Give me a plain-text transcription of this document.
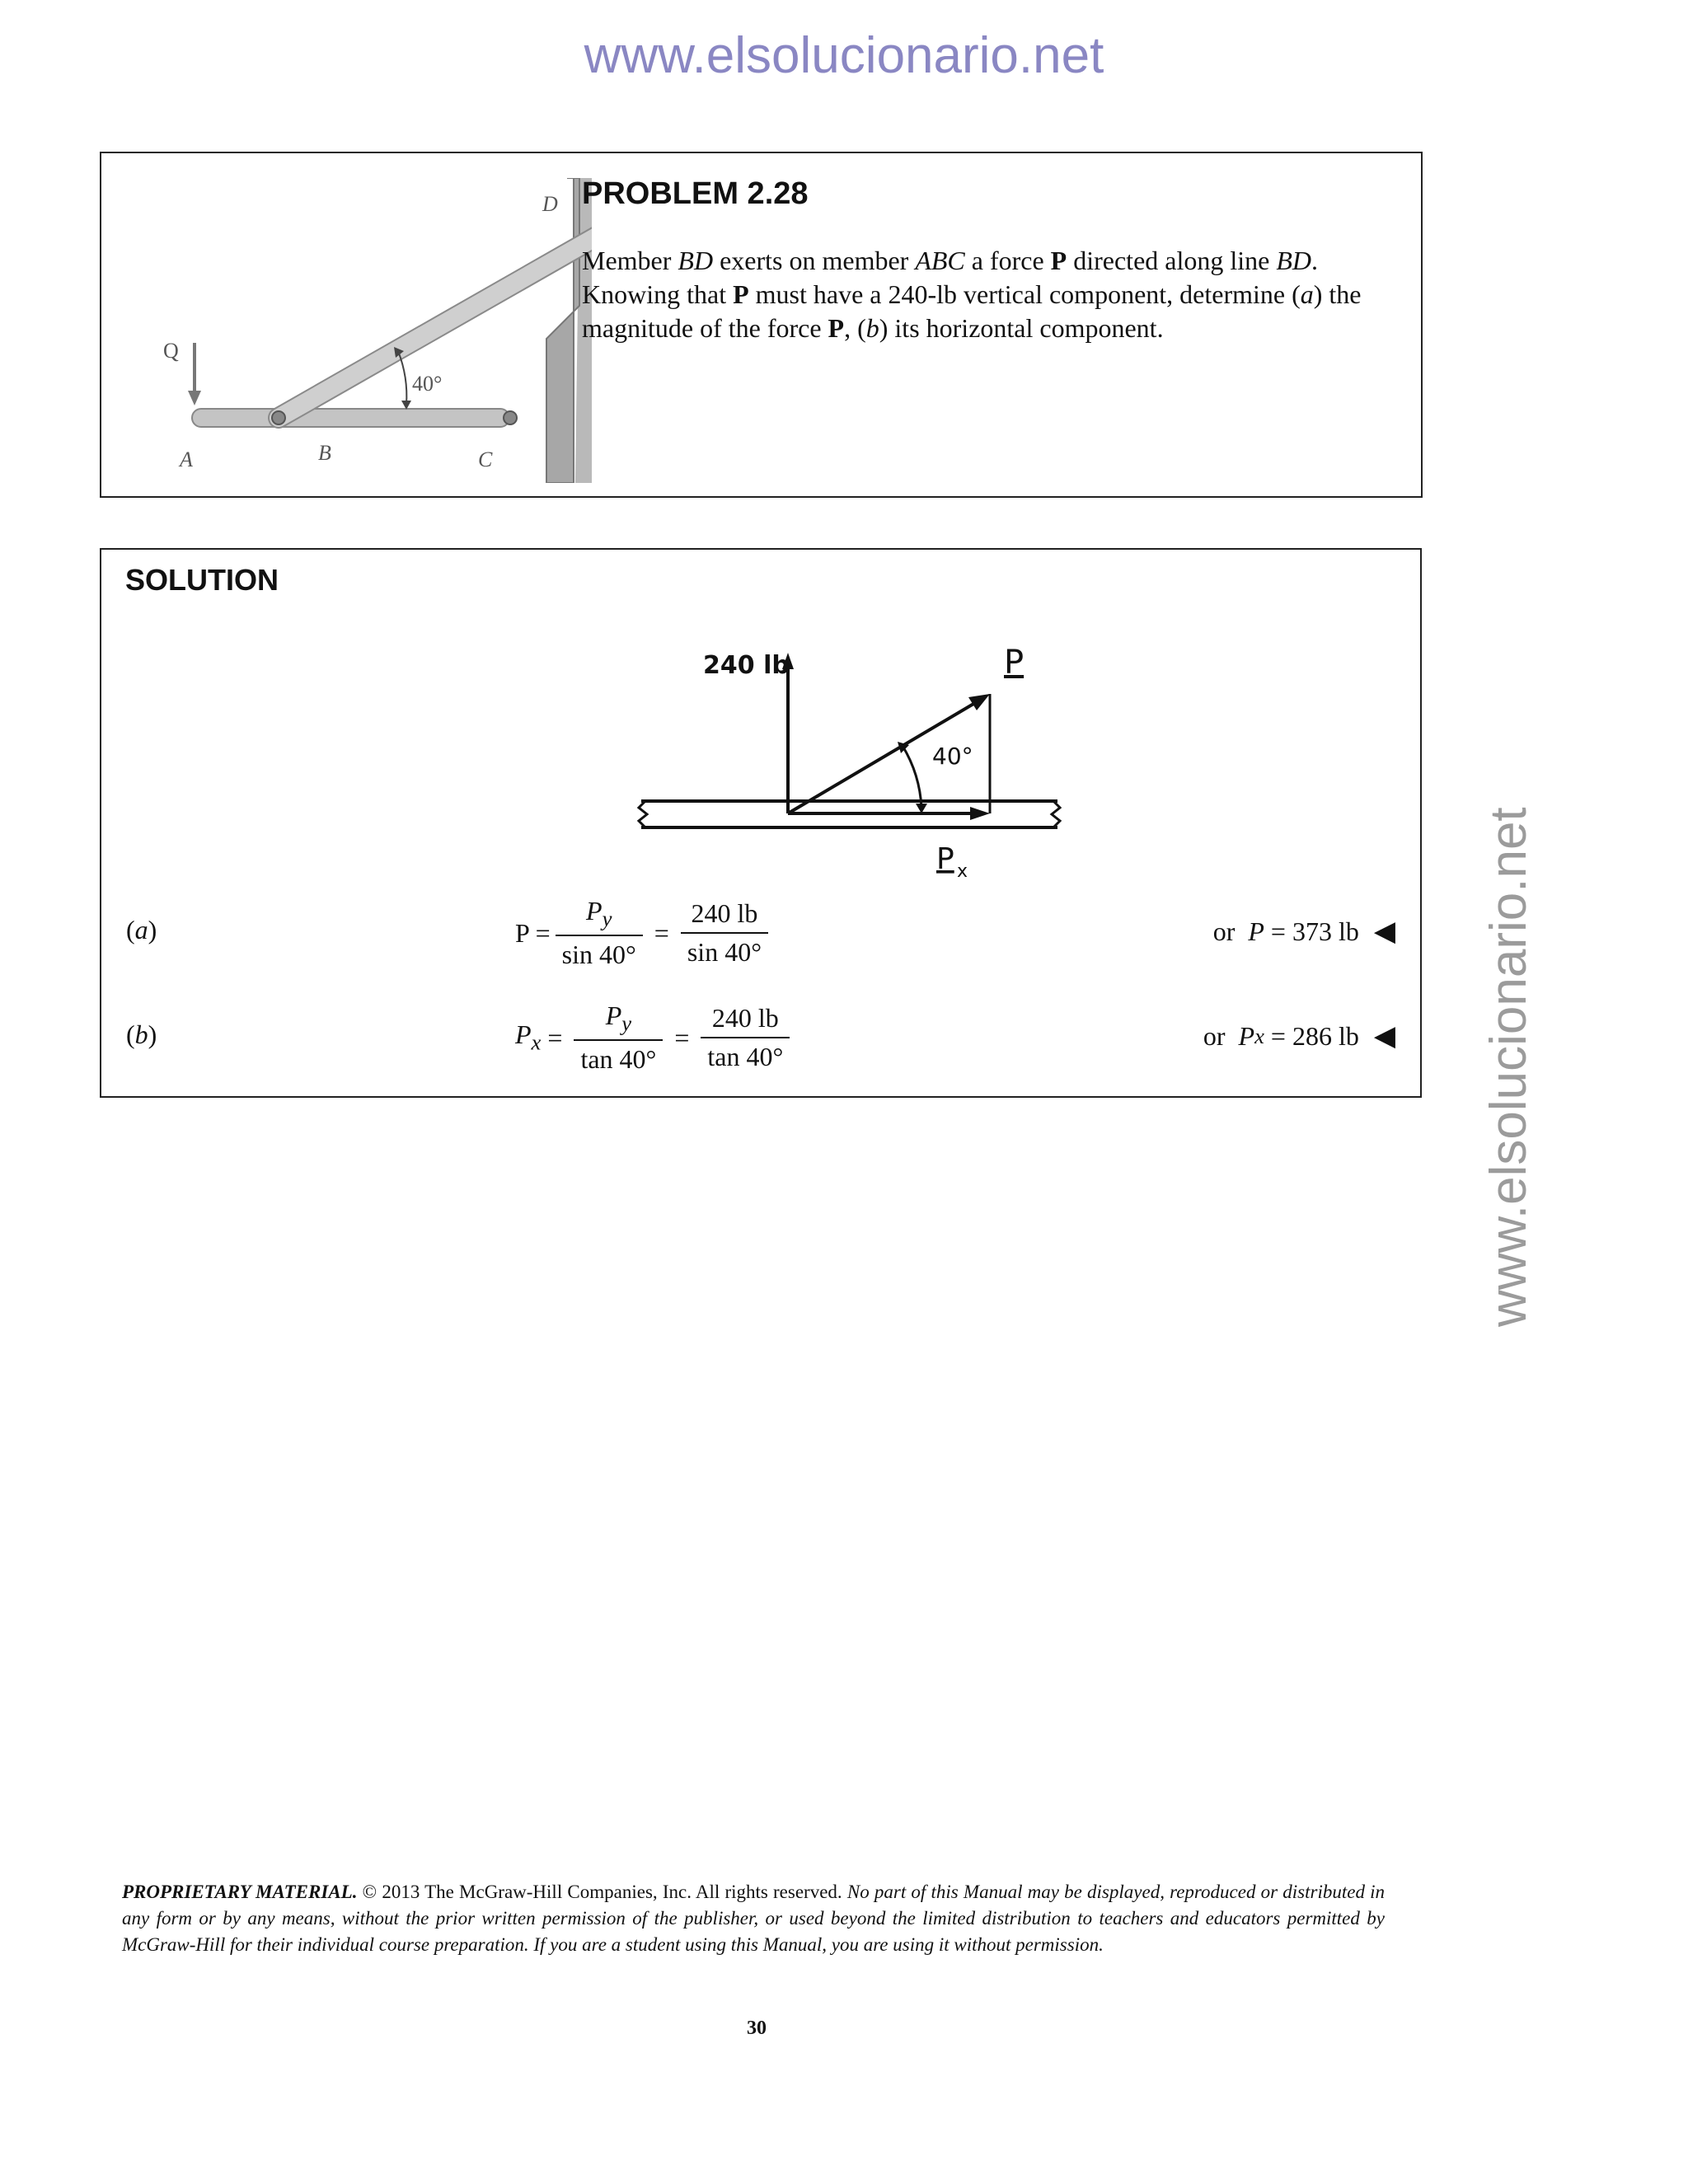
www.elsolucionario.net
www.elsolucionario.net
40°
Q
A	B	C
D PROBLEM 2.28
Member BD exerts on member ABC a force P directed along line BD. Knowing that P must have a 240-lb vertical component, determine (a) the magnitude of the force P, (b) its horizontal component.
SOLUTION
240 lb	P
40°
P x
(a)	$P = \frac{P_y}{\sin 40^\circ} = \frac{240 lb}{\sin 40^\circ}$	or
P
= 373 lb ◀
(b)	$P_x = \frac{P_y}{\tan 40^\circ} = \frac{240 lb}{\tan 40^\circ}$	or
P x
= 286 lb ◀
PROPRIETARY MATERIAL. © 2013 The McGraw-Hill Companies, Inc. All rights reserved. No part of this Manual may be displayed, reproduced or distributed in any form or by any means, without the prior written permission of the publisher, or used beyond the limited distribution to teachers and educators permitted by McGraw-Hill for their individual course preparation. If you are a student using this Manual, you are using it without permission.
30
